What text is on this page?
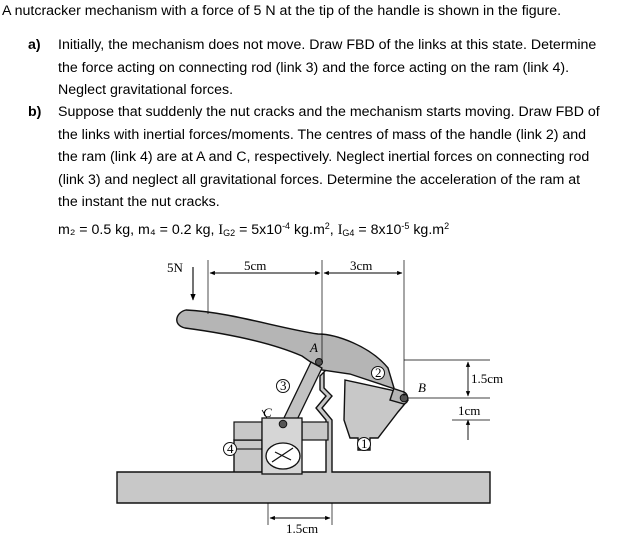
A nutcracker mechanism with a force of 5 N at the tip of the handle is shown in the figure.
a) Initially, the mechanism does not move. Draw FBD of the links at this state. Determine
the force acting on connecting rod (link 3) and the force acting on the ram (link 4).
Neglect gravitational forces.
b) Suppose that suddenly the nut cracks and the mechanism starts moving. Draw FBD of
the links with inertial forces/moments. The centres of mass of the handle (link 2) and
the ram (link 4) are at A and C, respectively. Neglect inertial forces on connecting rod
(link 3) and neglect all gravitational forces. Determine the acceleration of the ram at
the instant the nut cracks.
m₂ = 0.5 kg, m₄ = 0.2 kg, $I_{G2} = 5x10^{-4}$ $kg.m^2$, $I_{G4} = 8x10^{-5}$ $kg.m^2$
5N	5cm	3cm
1.5cm
1cm
1.5cm
A
B
C
2
3
1
4
